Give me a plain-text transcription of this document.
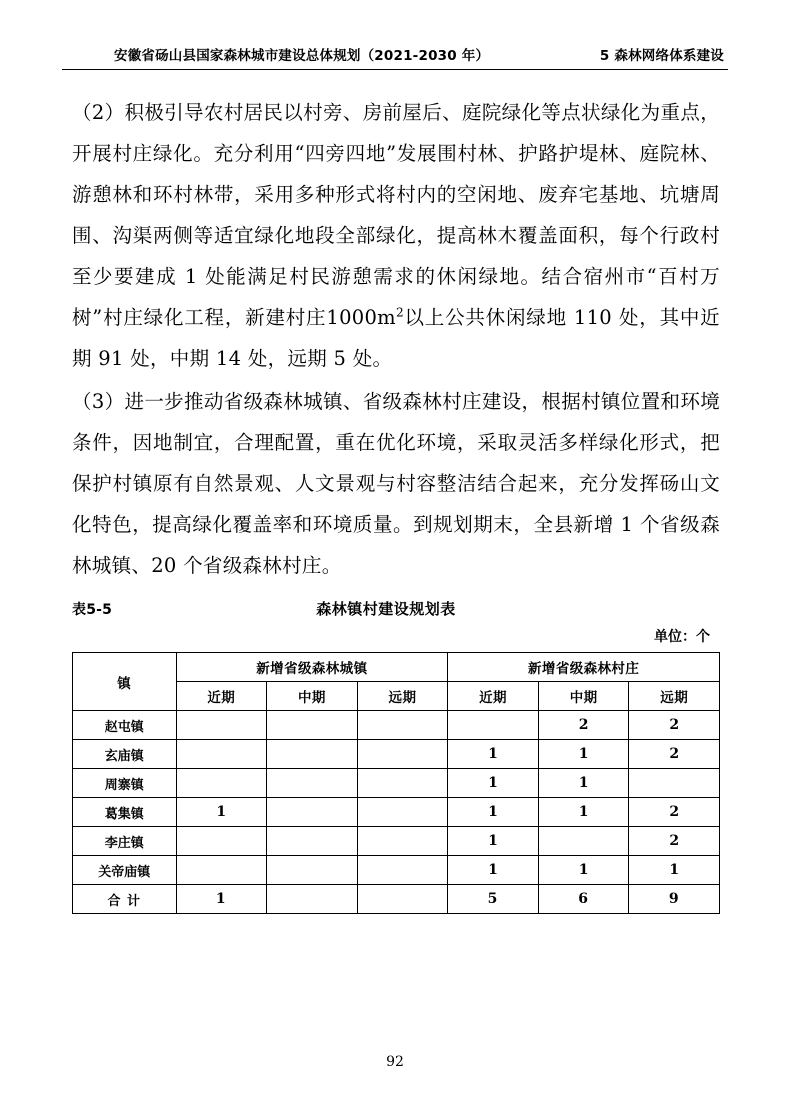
安徽省砀山县国家森林城市建设总体规划（2021-2030 年）	5 森林网络体系建设

（2）积极引导农村居民以村旁、房前屋后、庭院绿化等点状绿化为重点，开展村庄绿化。充分利用“四旁四地”发展围村林、护路护堤林、庭院林、游憩林和环村林带，采用多种形式将村内的空闲地、废弃宅基地、坑塘周围、沟渠两侧等适宜绿化地段全部绿化，提高林木覆盖面积，每个行政村至少要建成 1 处能满足村民游憩需求的休闲绿地。结合宿州市“百村万树”村庄绿化工程，新建村庄$1000m^2$以上公共休闲绿地 110 处，其中近期 91 处，中期 14 处，远期 5 处。

（3）进一步推动省级森林城镇、省级森林村庄建设，根据村镇位置和环境条件，因地制宜，合理配置，重在优化环境，采取灵活多样绿化形式，把保护村镇原有自然景观、人文景观与村容整洁结合起来，充分发挥砀山文化特色，提高绿化覆盖率和环境质量。到规划期末，全县新增 1 个省级森林城镇、20 个省级森林村庄。

表5-5	森林镇村建设规划表
单位：个
镇	新增省级森林城镇			新增省级森林村庄		
	近期	中期	远期	近期	中期	远期
赵屯镇					2	2
玄庙镇				1	1	2
周寨镇				1	1	
葛集镇	1			1	1	2
李庄镇				1		2
关帝庙镇				1	1	1
合 计	1			5	6	9
92
